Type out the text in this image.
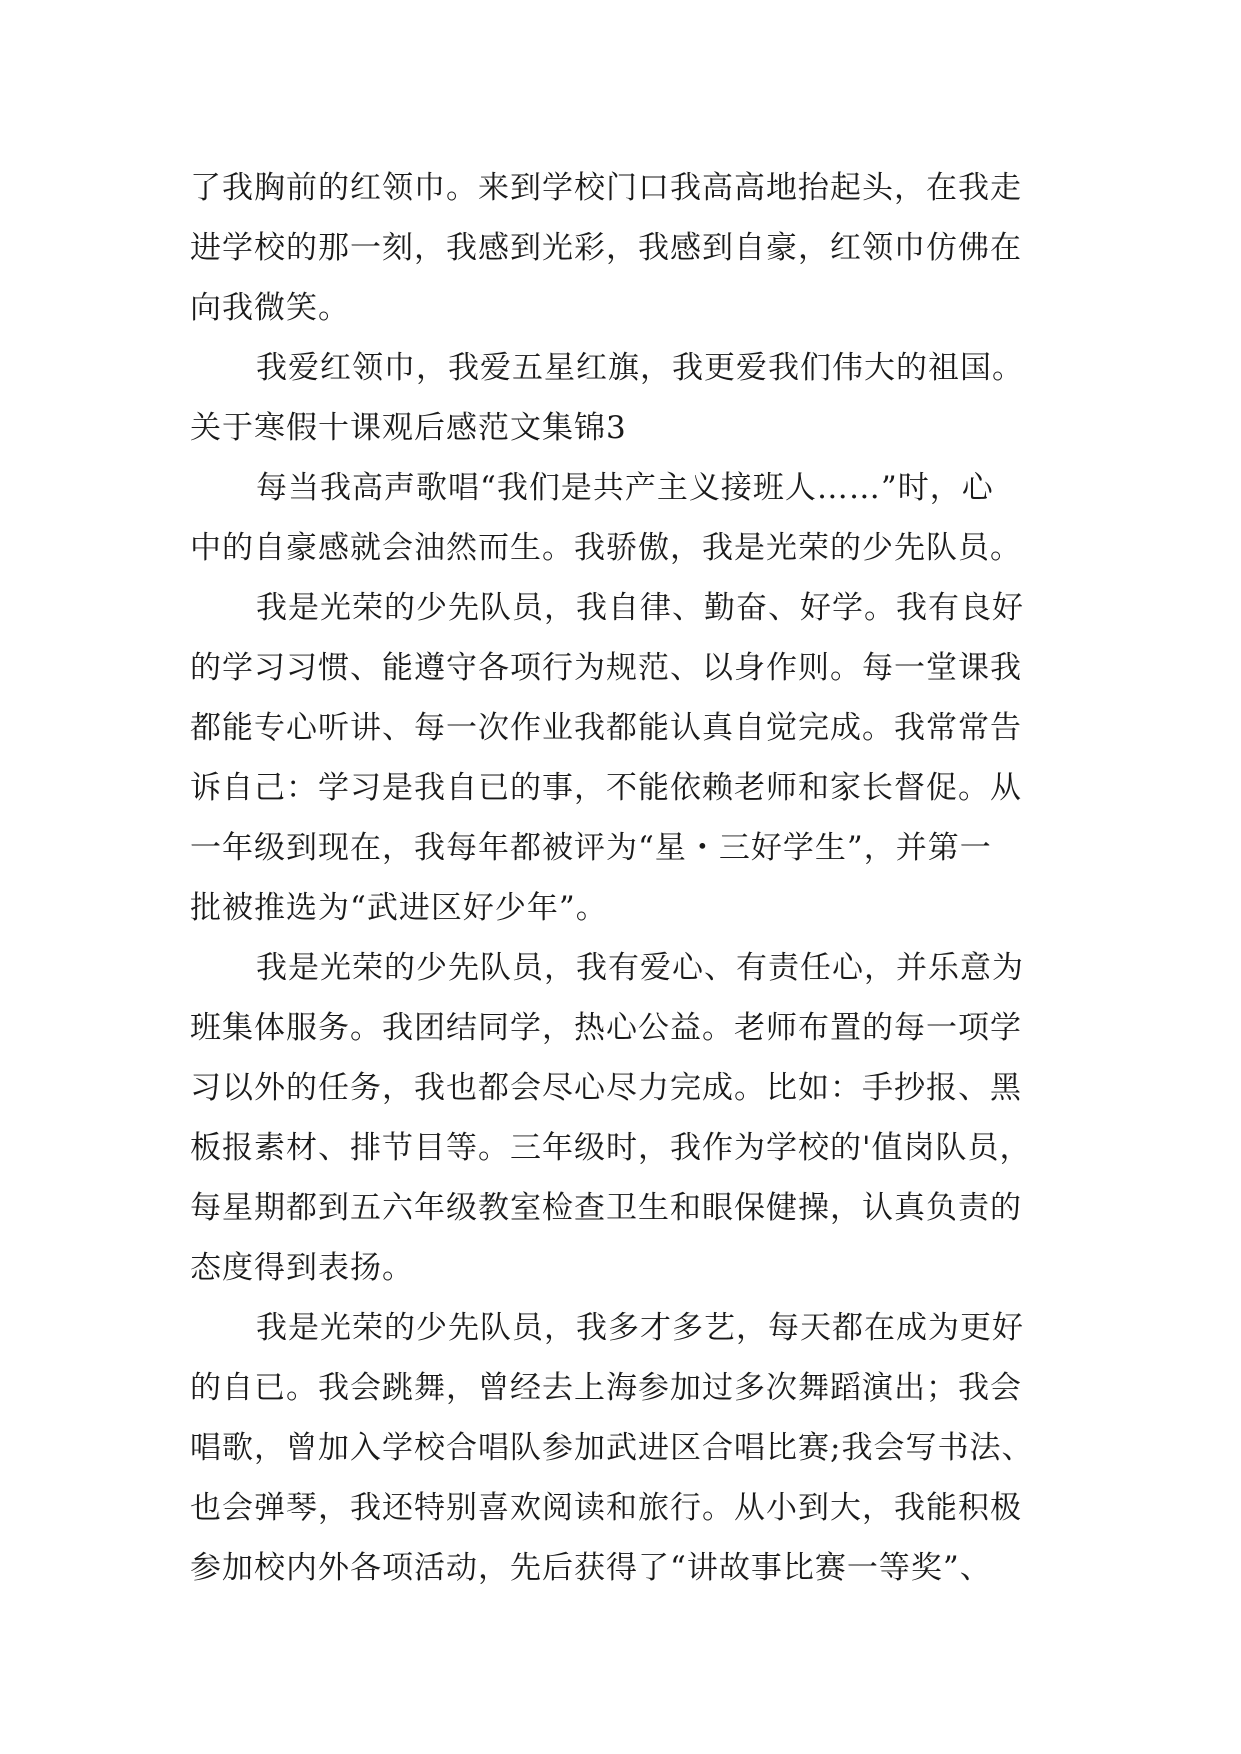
了我胸前的红领巾。来到学校门口我高高地抬起头，在我走
进学校的那一刻，我感到光彩，我感到自豪，红领巾仿佛在
向我微笑。
我爱红领巾，我爱五星红旗，我更爱我们伟大的祖国。
关于寒假十课观后感范文集锦3
每当我高声歌唱“我们是共产主义接班人……”时，心
中的自豪感就会油然而生。我骄傲，我是光荣的少先队员。
我是光荣的少先队员，我自律、勤奋、好学。我有良好
的学习习惯、能遵守各项行为规范、以身作则。每一堂课我
都能专心听讲、每一次作业我都能认真自觉完成。我常常告
诉自己：学习是我自已的事，不能依赖老师和家长督促。从
一年级到现在，我每年都被评为“星・三好学生”，并第一
批被推选为“武进区好少年”。
我是光荣的少先队员，我有爱心、有责任心，并乐意为
班集体服务。我团结同学，热心公益。老师布置的每一项学
习以外的任务，我也都会尽心尽力完成。比如：手抄报、黑
板报素材、排节目等。三年级时，我作为学校的'值岗队员，
每星期都到五六年级教室检查卫生和眼保健操，认真负责的
态度得到表扬。
我是光荣的少先队员，我多才多艺，每天都在成为更好
的自已。我会跳舞，曾经去上海参加过多次舞蹈演出；我会
唱歌，曾加入学校合唱队参加武进区合唱比赛;我会写书法、
也会弹琴，我还特别喜欢阅读和旅行。从小到大，我能积极
参加校内外各项活动，先后获得了“讲故事比赛一等奖”、
